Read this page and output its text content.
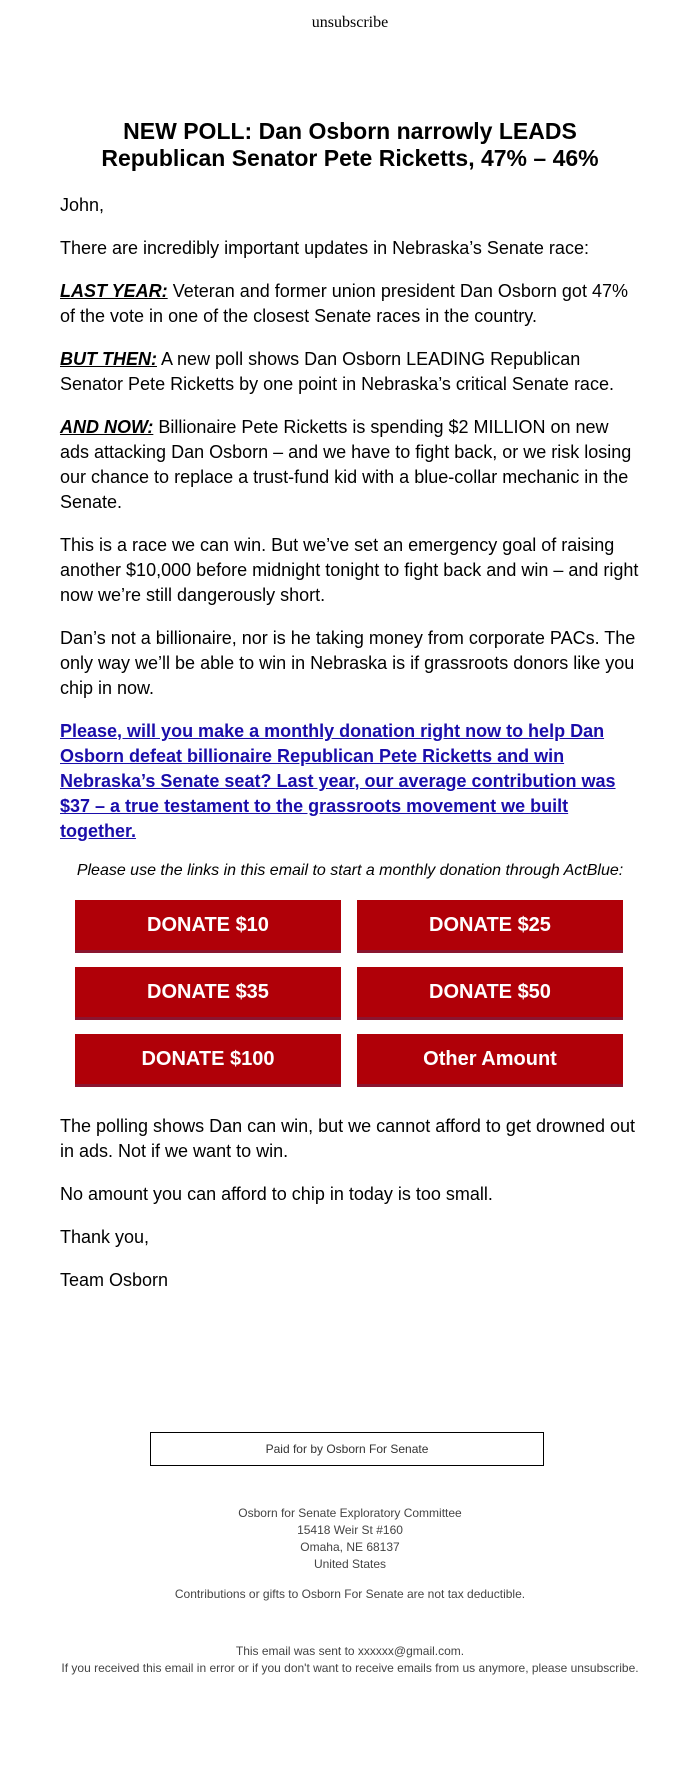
unsubscribe
NEW POLL: Dan Osborn narrowly LEADS
Republican Senator Pete Ricketts, 47% – 46%

John,

There are incredibly important updates in Nebraska’s Senate race:

LAST YEAR: Veteran and former union president Dan Osborn got 47% of the vote in one of the closest Senate races in the country.

BUT THEN: A new poll shows Dan Osborn LEADING Republican Senator Pete Ricketts by one point in Nebraska’s critical Senate race.

AND NOW: Billionaire Pete Ricketts is spending $2 MILLION on new ads attacking Dan Osborn – and we have to fight back, or we risk losing our chance to replace a trust-fund kid with a blue-collar mechanic in the Senate.

This is a race we can win. But we’ve set an emergency goal of raising another $10,000 before midnight tonight to fight back and win – and right now we’re still dangerously short.

Dan’s not a billionaire, nor is he taking money from corporate PACs. The only way we’ll be able to win in Nebraska is if grassroots donors like you chip in now.

Please, will you make a monthly donation right now to help Dan Osborn defeat billionaire Republican Pete Ricketts and win Nebraska’s Senate seat? Last year, our average contribution was $37 – a true testament to the grassroots movement we built together.

Please use the links in this email to start a monthly donation through ActBlue:
DONATE $10	DONATE $25
DONATE $35	DONATE $50
DONATE $100	Other Amount

The polling shows Dan can win, but we cannot afford to get drowned out in ads. Not if we want to win.

No amount you can afford to chip in today is too small.

Thank you,

Team Osborn

Paid for by Osborn For Senate
Osborn for Senate Exploratory Committee
15418 Weir St #160
Omaha, NE 68137
United States
Contributions or gifts to Osborn For Senate are not tax deductible.
This email was sent to xxxxxx@gmail.com.
If you received this email in error or if you don't want to receive emails from us anymore, please unsubscribe.
